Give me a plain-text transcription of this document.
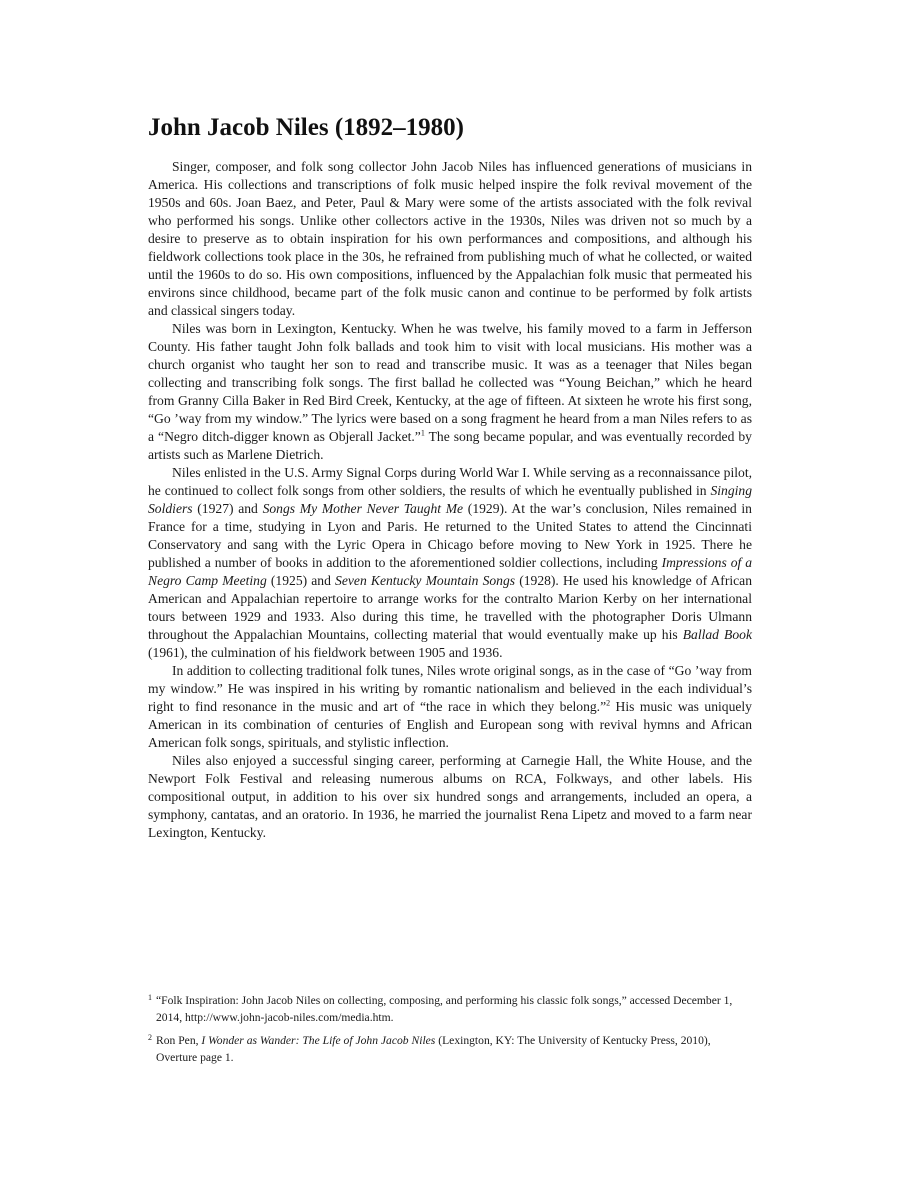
John Jacob Niles (1892–1980)

Singer, composer, and folk song collector John Jacob Niles has influenced generations of musicians in America. His collections and transcriptions of folk music helped inspire the folk revival movement of the 1950s and 60s. Joan Baez, and Peter, Paul & Mary were some of the artists associated with the folk revival who performed his songs. Unlike other collectors active in the 1930s, Niles was driven not so much by a desire to preserve as to obtain inspiration for his own performances and compositions, and although his fieldwork collections took place in the 30s, he refrained from publishing much of what he collected, or waited until the 1960s to do so. His own compositions, influenced by the Appalachian folk music that permeated his environs since childhood, became part of the folk music canon and continue to be performed by folk artists and classical singers today.

Niles was born in Lexington, Kentucky. When he was twelve, his family moved to a farm in Jefferson County. His father taught John folk ballads and took him to visit with local musicians. His mother was a church organist who taught her son to read and transcribe music. It was as a teenager that Niles began collecting and transcribing folk songs. The first ballad he collected was “Young Beichan,” which he heard from Granny Cilla Baker in Red Bird Creek, Kentucky, at the age of fifteen. At sixteen he wrote his first song, “Go ’way from my window.” The lyrics were based on a song fragment he heard from a man Niles refers to as a “Negro ditch-digger known as Objerall Jacket.”$^1$ The song became popular, and was eventually recorded by artists such as Marlene Dietrich.

Niles enlisted in the U.S. Army Signal Corps during World War I. While serving as a reconnaissance pilot, he continued to collect folk songs from other soldiers, the results of which he eventually published in Singing Soldiers (1927) and Songs My Mother Never Taught Me (1929). At the war’s conclusion, Niles remained in France for a time, studying in Lyon and Paris. He returned to the United States to attend the Cincinnati Conservatory and sang with the Lyric Opera in Chicago before moving to New York in 1925. There he published a number of books in addition to the aforementioned soldier collections, including Impressions of a Negro Camp Meeting (1925) and Seven Kentucky Mountain Songs (1928). He used his knowledge of African American and Appalachian repertoire to arrange works for the contralto Marion Kerby on her international tours between 1929 and 1933. Also during this time, he travelled with the photographer Doris Ulmann throughout the Appalachian Mountains, collecting material that would eventually make up his Ballad Book (1961), the culmination of his fieldwork between 1905 and 1936.

In addition to collecting traditional folk tunes, Niles wrote original songs, as in the case of “Go ’way from my window.” He was inspired in his writing by romantic nationalism and believed in the each individual’s right to find resonance in the music and art of “the race in which they belong.”$^2$ His music was uniquely American in its combination of centuries of English and European song with revival hymns and African American folk songs, spirituals, and stylistic inflection.

Niles also enjoyed a successful singing career, performing at Carnegie Hall, the White House, and the Newport Folk Festival and releasing numerous albums on RCA, Folkways, and other labels. His compositional output, in addition to his over six hundred songs and arrangements, included an opera, a symphony, cantatas, and an oratorio. In 1936, he married the journalist Rena Lipetz and moved to a farm near Lexington, Kentucky.

1 “Folk Inspiration: John Jacob Niles on collecting, composing, and performing his classic folk songs,” accessed December 1, 2014, http://www.john-jacob-niles.com/media.htm.
2 Ron Pen, I Wonder as Wander: The Life of John Jacob Niles (Lexington, KY: The University of Kentucky Press, 2010), Overture page 1.
